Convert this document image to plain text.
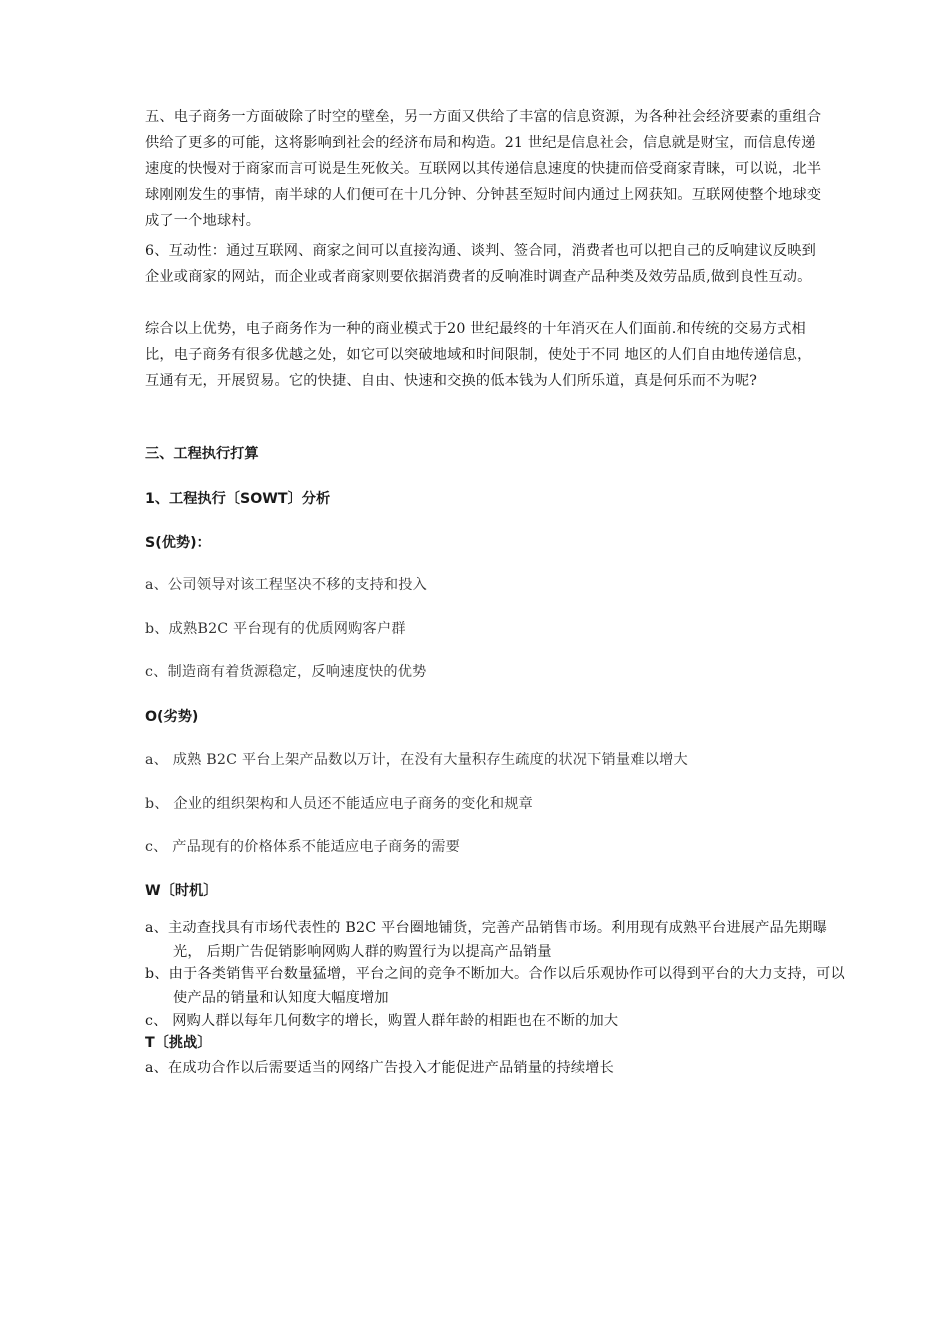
五、电子商务一方面破除了时空的壁垒，另一方面又供给了丰富的信息资源，为各种社会经济要素的重组合供给了更多的可能，这将影响到社会的经济布局和构造。21 世纪是信息社会，信息就是财宝，而信息传递速度的快慢对于商家而言可说是生死攸关。互联网以其传递信息速度的快捷而倍受商家青睐，可以说，北半球刚刚发生的事情，南半球的人们便可在十几分钟、分钟甚至短时间内通过上网获知。互联网使整个地球变成了一个地球村。
6、互动性：通过互联网、商家之间可以直接沟通、谈判、签合同，消费者也可以把自己的反响建议反映到企业或商家的网站，而企业或者商家则要依据消费者的反响准时调查产品种类及效劳品质,做到良性互动。
综合以上优势，电子商务作为一种的商业模式于20 世纪最终的十年消灭在人们面前.和传统的交易方式相比，电子商务有很多优越之处，如它可以突破地域和时间限制，使处于不同 地区的人们自由地传递信息，互通有无，开展贸易。它的快捷、自由、快速和交换的低本钱为人们所乐道，真是何乐而不为呢?
三、工程执行打算
1、工程执行〔SOWT〕分析
S(优势)：
a、公司领导对该工程坚决不移的支持和投入
b、成熟B2C 平台现有的优质网购客户群
c、制造商有着货源稳定，反响速度快的优势
O(劣势)
a、 成熟 B2C 平台上架产品数以万计，在没有大量积存生疏度的状况下销量难以增大
b、 企业的组织架构和人员还不能适应电子商务的变化和规章
c、 产品现有的价格体系不能适应电子商务的需要
W〔时机〕
a、主动查找具有市场代表性的 B2C 平台圈地铺货，完善产品销售市场。利用现有成熟平台进展产品先期曝光， 后期广告促销影响网购人群的购置行为以提高产品销量
b、由于各类销售平台数量猛增，平台之间的竞争不断加大。合作以后乐观协作可以得到平台的大力支持，可以使产品的销量和认知度大幅度增加
c、 网购人群以每年几何数字的增长，购置人群年龄的相距也在不断的加大
T〔挑战〕
a、在成功合作以后需要适当的网络广告投入才能促进产品销量的持续增长
